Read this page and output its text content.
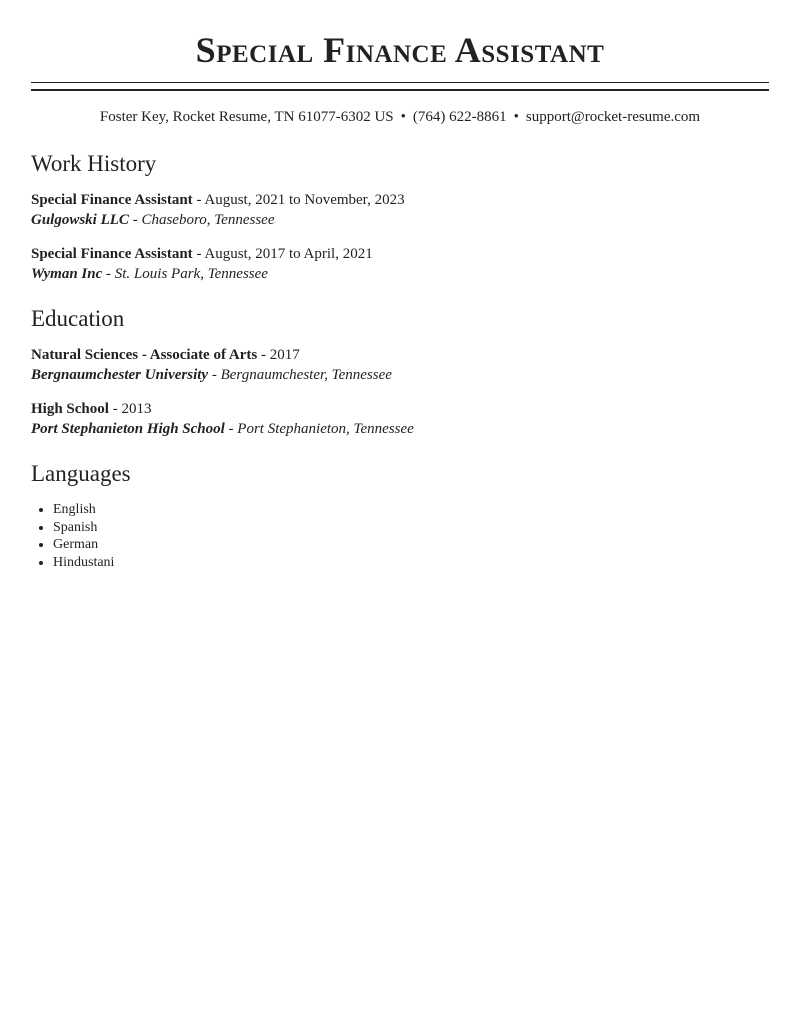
Special Finance Assistant
Foster Key, Rocket Resume, TN 61077-6302 US • (764) 622-8861 • support@rocket-resume.com
Work History
Special Finance Assistant - August, 2021 to November, 2023
Gulgowski LLC - Chaseboro, Tennessee
Special Finance Assistant - August, 2017 to April, 2021
Wyman Inc - St. Louis Park, Tennessee
Education
Natural Sciences - Associate of Arts - 2017
Bergnaumchester University - Bergnaumchester, Tennessee
High School - 2013
Port Stephanieton High School - Port Stephanieton, Tennessee
Languages
• English
• Spanish
• German
• Hindustani
